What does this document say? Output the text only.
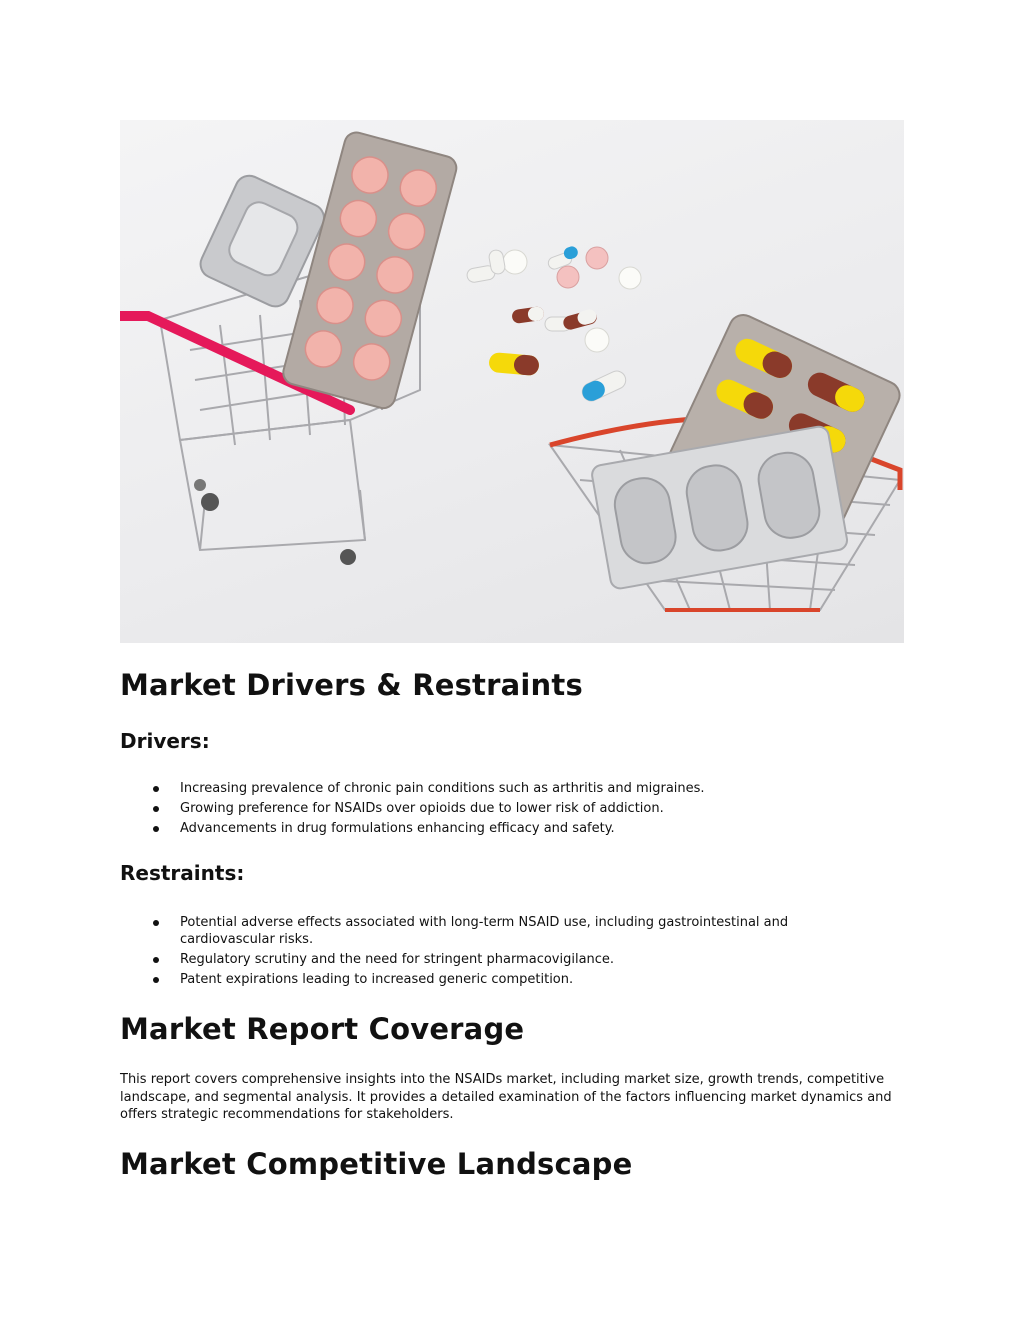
Market Drivers & Restraints
Drivers:
Increasing prevalence of chronic pain conditions such as arthritis and migraines.
Growing preference for NSAIDs over opioids due to lower risk of addiction.
Advancements in drug formulations enhancing efficacy and safety.
Restraints:
Potential adverse effects associated with long-term NSAID use, including gastrointestinal and cardiovascular risks.
Regulatory scrutiny and the need for stringent pharmacovigilance.
Patent expirations leading to increased generic competition.
Market Report Coverage

This report covers comprehensive insights into the NSAIDs market, including market size, growth trends, competitive landscape, and segmental analysis. It provides a detailed examination of the factors influencing market dynamics and offers strategic recommendations for stakeholders.

Market Competitive Landscape
